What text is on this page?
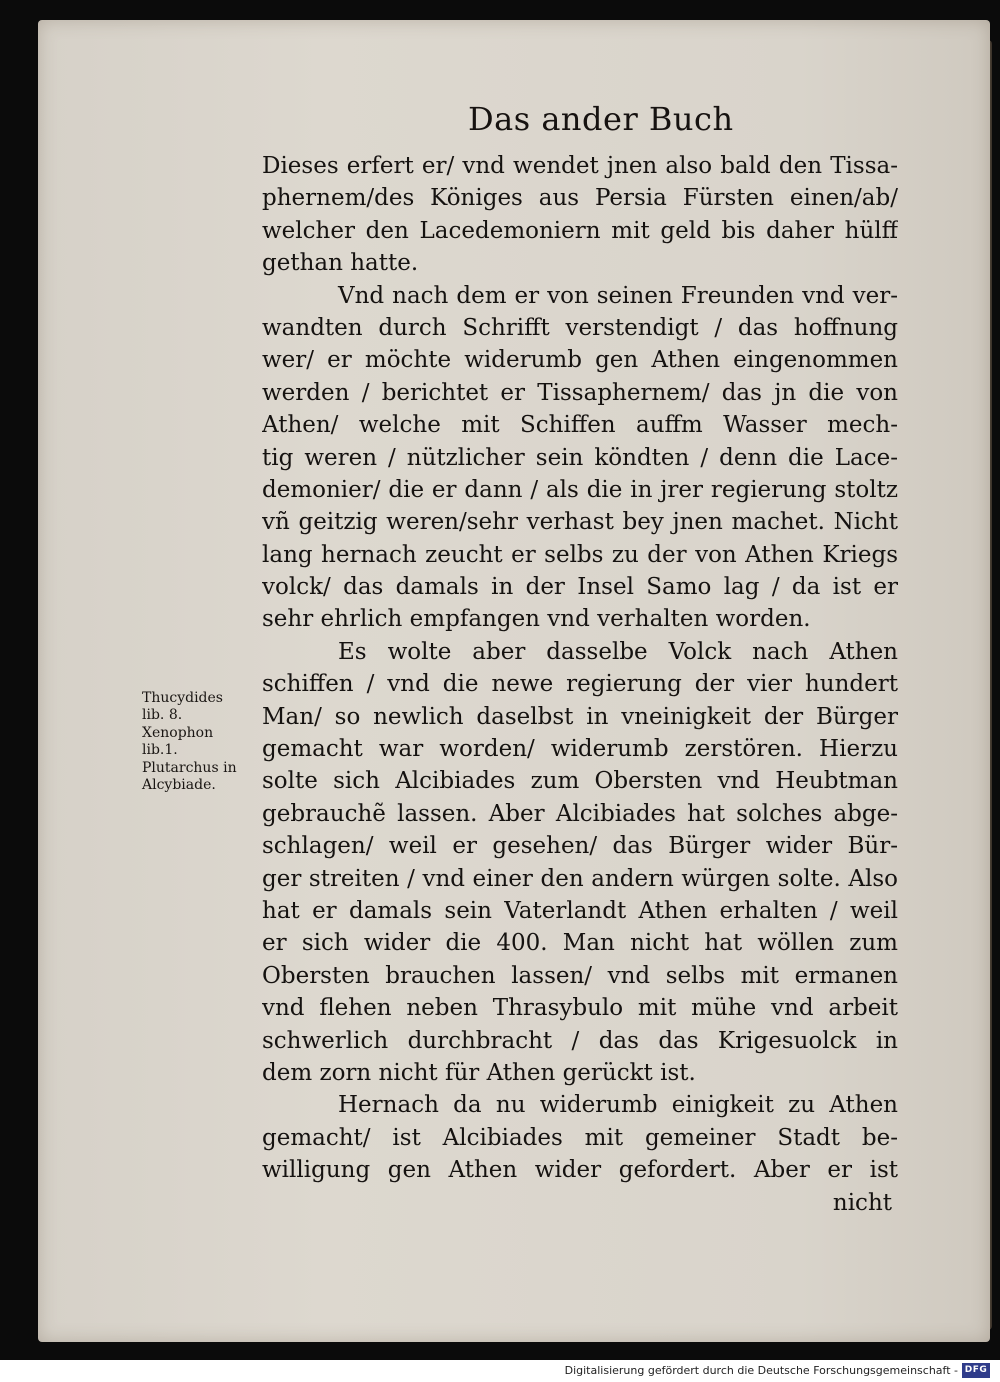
Das ander Buch
Dieses erfert er/ vnd wendet jnen also bald den Tissa-
phernem/des Königes aus Persia Fürsten einen/ab/
welcher den Lacedemoniern mit geld bis daher hülff
gethan hatte.
Vnd nach dem er von seinen Freunden vnd ver-
wandten durch Schrifft verstendigt / das hoffnung
wer/ er möchte widerumb gen Athen eingenommen
werden / berichtet er Tissaphernem/ das jn die von
Athen/ welche mit Schiffen auffm Wasser mech-
tig weren / nützlicher sein köndten / denn die Lace-
demonier/ die er dann / als die in jrer regierung stoltz
vñ geitzig weren/sehr verhast bey jnen machet. Nicht
lang hernach zeucht er selbs zu der von Athen Kriegs
volck/ das damals in der Insel Samo lag / da ist er
sehr ehrlich empfangen vnd verhalten worden.
Es wolte aber dasselbe Volck nach Athen
schiffen / vnd die newe regierung der vier hundert
Man/ so newlich daselbst in vneinigkeit der Bürger
gemacht war worden/ widerumb zerstören. Hierzu
solte sich Alcibiades zum Obersten vnd Heubtman
gebrauchẽ lassen. Aber Alcibiades hat solches abge-
schlagen/ weil er gesehen/ das Bürger wider Bür-
ger streiten / vnd einer den andern würgen solte. Also
hat er damals sein Vaterlandt Athen erhalten / weil
er sich wider die 400. Man nicht hat wöllen zum
Obersten brauchen lassen/ vnd selbs mit ermanen
vnd flehen neben Thrasybulo mit mühe vnd arbeit
schwerlich durchbracht / das das Krigesuolck in
dem zorn nicht für Athen gerückt ist.
Hernach da nu widerumb einigkeit zu Athen
gemacht/ ist Alcibiades mit gemeiner Stadt be-
willigung gen Athen wider gefordert. Aber er ist
nicht
Thucydides
lib. 8.
Xenophon
lib.1.
Plutarchus in
Alcybiade.
Digitalisierung gefördert durch die Deutsche Forschungsgemeinschaft - DFG
